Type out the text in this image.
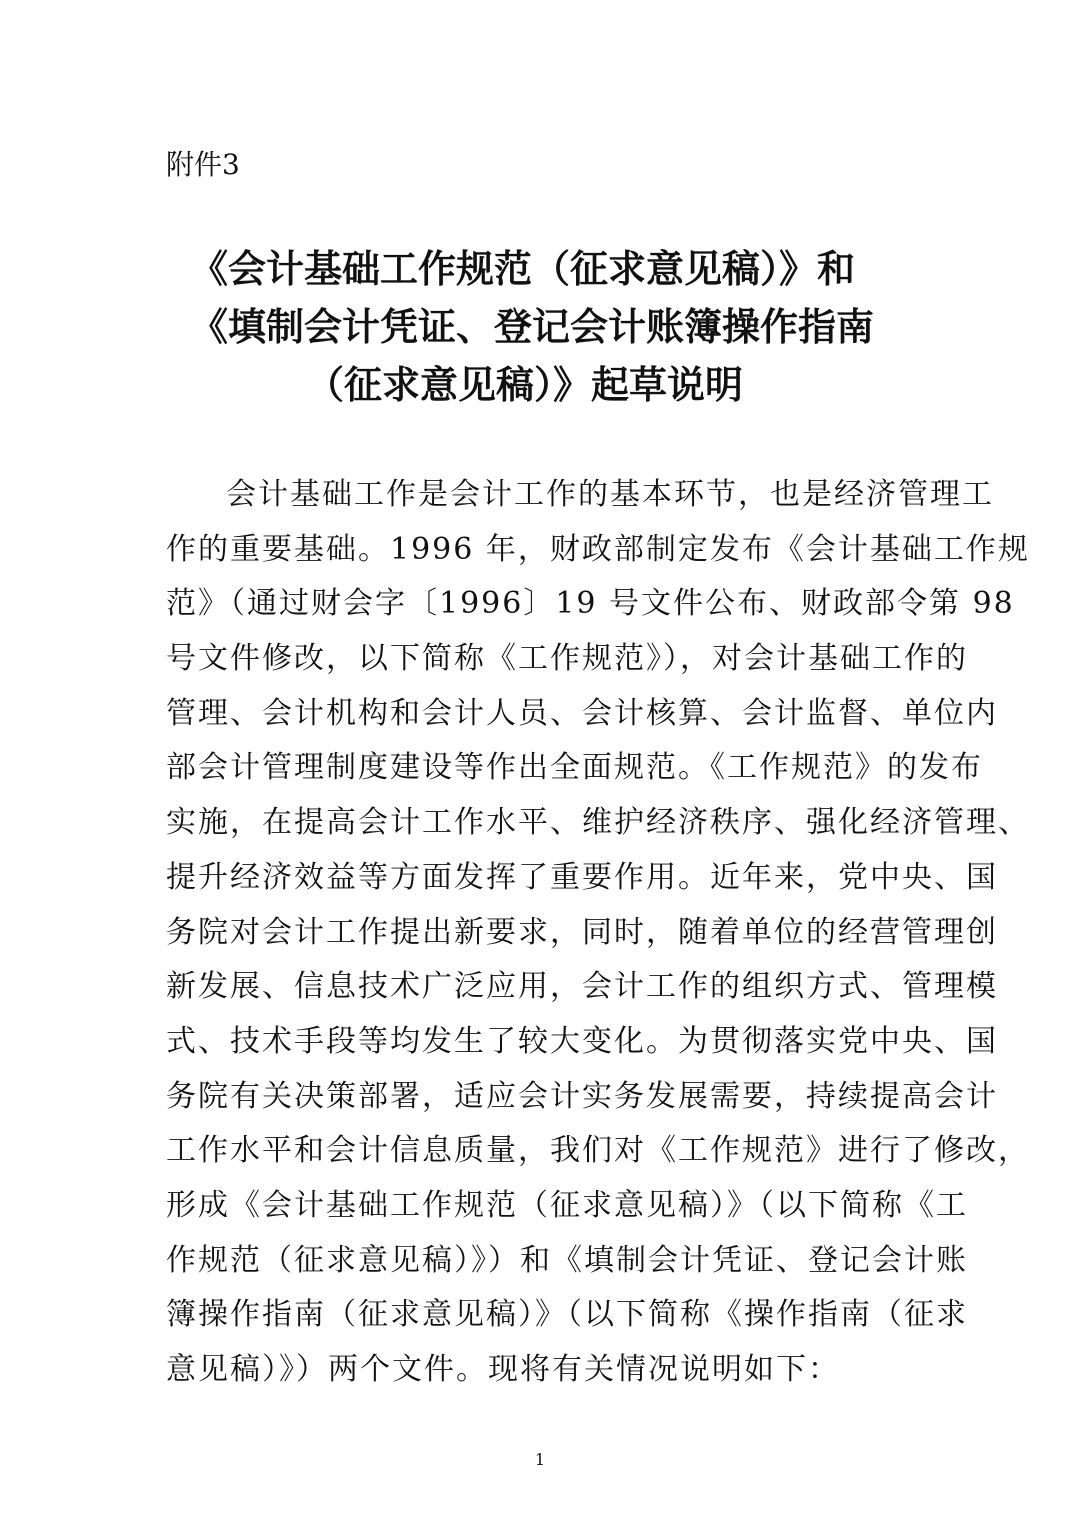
附件3
《会计基础工作规范（征求意见稿）》和
《填制会计凭证、登记会计账簿操作指南
（征求意见稿）》起草说明
会计基础工作是会计工作的基本环节，也是经济管理工
作的重要基础。1996 年，财政部制定发布《会计基础工作规
范》（通过财会字〔1996〕19 号文件公布、财政部令第 98
号文件修改，以下简称《工作规范》），对会计基础工作的
管理、会计机构和会计人员、会计核算、会计监督、单位内
部会计管理制度建设等作出全面规范。《工作规范》的发布
实施，在提高会计工作水平、维护经济秩序、强化经济管理、
提升经济效益等方面发挥了重要作用。近年来，党中央、国
务院对会计工作提出新要求，同时，随着单位的经营管理创
新发展、信息技术广泛应用，会计工作的组织方式、管理模
式、技术手段等均发生了较大变化。为贯彻落实党中央、国
务院有关决策部署，适应会计实务发展需要，持续提高会计
工作水平和会计信息质量，我们对《工作规范》进行了修改，
形成《会计基础工作规范（征求意见稿）》（以下简称《工
作规范（征求意见稿）》）和《填制会计凭证、登记会计账
簿操作指南（征求意见稿）》（以下简称《操作指南（征求
意见稿）》）两个文件。现将有关情况说明如下：
1
